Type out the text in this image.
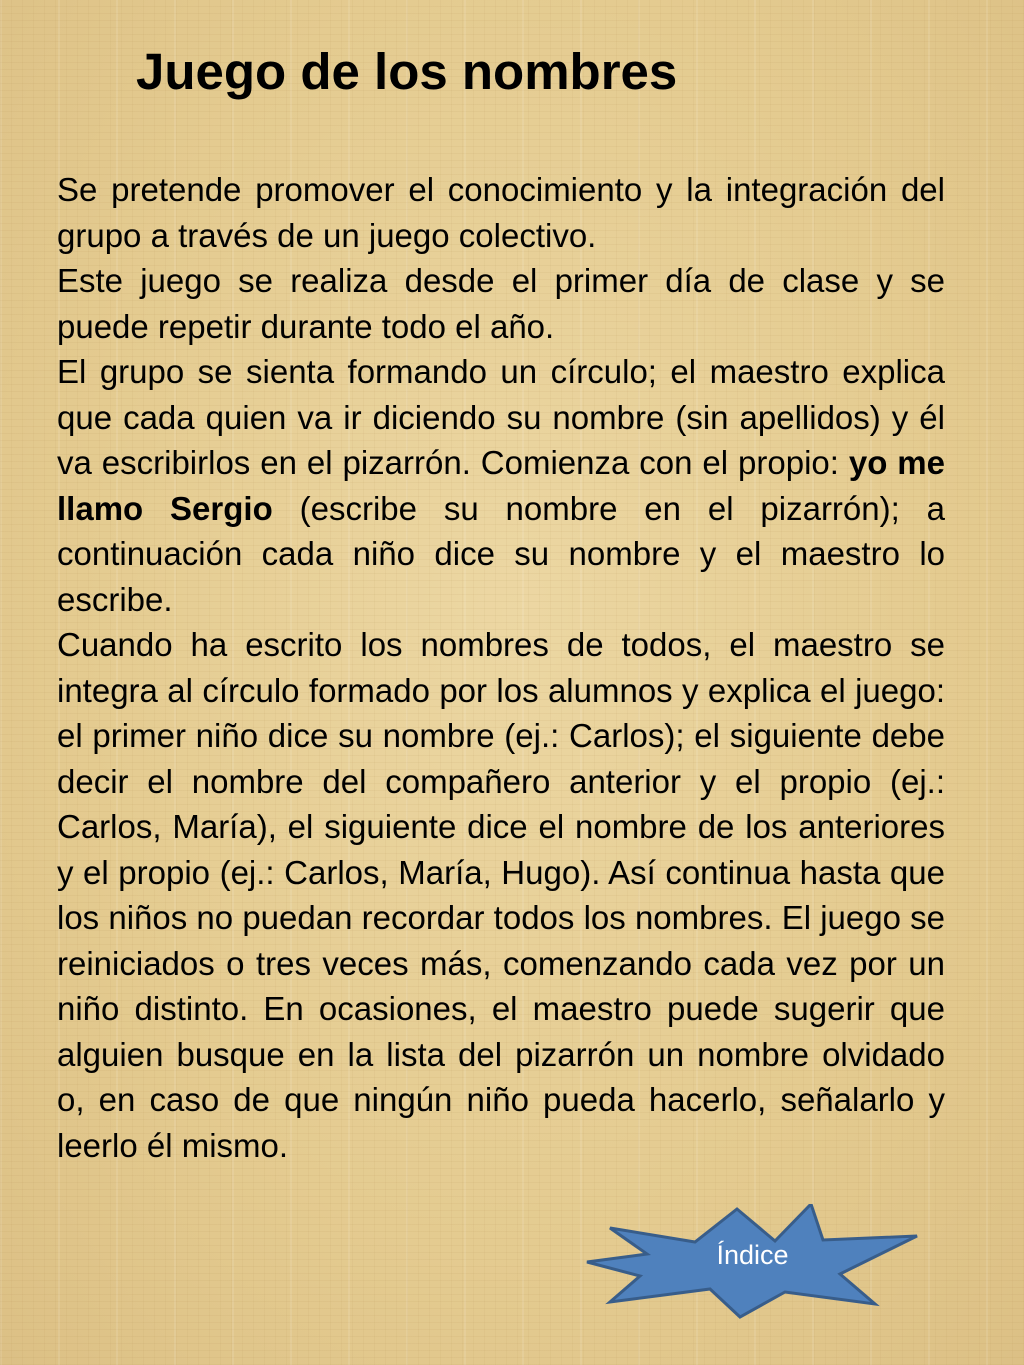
Juego de los nombres

Se pretende promover el conocimiento y la integración del grupo a través de un juego colectivo.

Este juego se realiza desde el primer día de clase y se puede repetir durante todo el año.

El grupo se sienta formando un círculo; el maestro explica que cada quien va ir diciendo su nombre (sin apellidos) y él va escribirlos en el pizarrón. Comienza con el propio: yo me llamo Sergio (escribe su nombre en el pizarrón); a continuación cada niño dice su nombre y el maestro lo escribe.

Cuando ha escrito los nombres de todos, el maestro se integra al círculo formado por los alumnos y explica el juego: el primer niño dice su nombre (ej.: Carlos); el siguiente debe decir el nombre del compañero anterior y el propio (ej.: Carlos, María), el siguiente dice el nombre de los anteriores y el propio (ej.: Carlos, María, Hugo). Así continua hasta que los niños no puedan recordar todos los nombres. El juego se reiniciados o tres veces más, comenzando cada vez por un niño distinto. En ocasiones, el maestro puede sugerir que alguien busque en la lista del pizarrón un nombre olvidado o, en caso de que ningún niño pueda hacerlo, señalarlo y leerlo él mismo.

Índice
